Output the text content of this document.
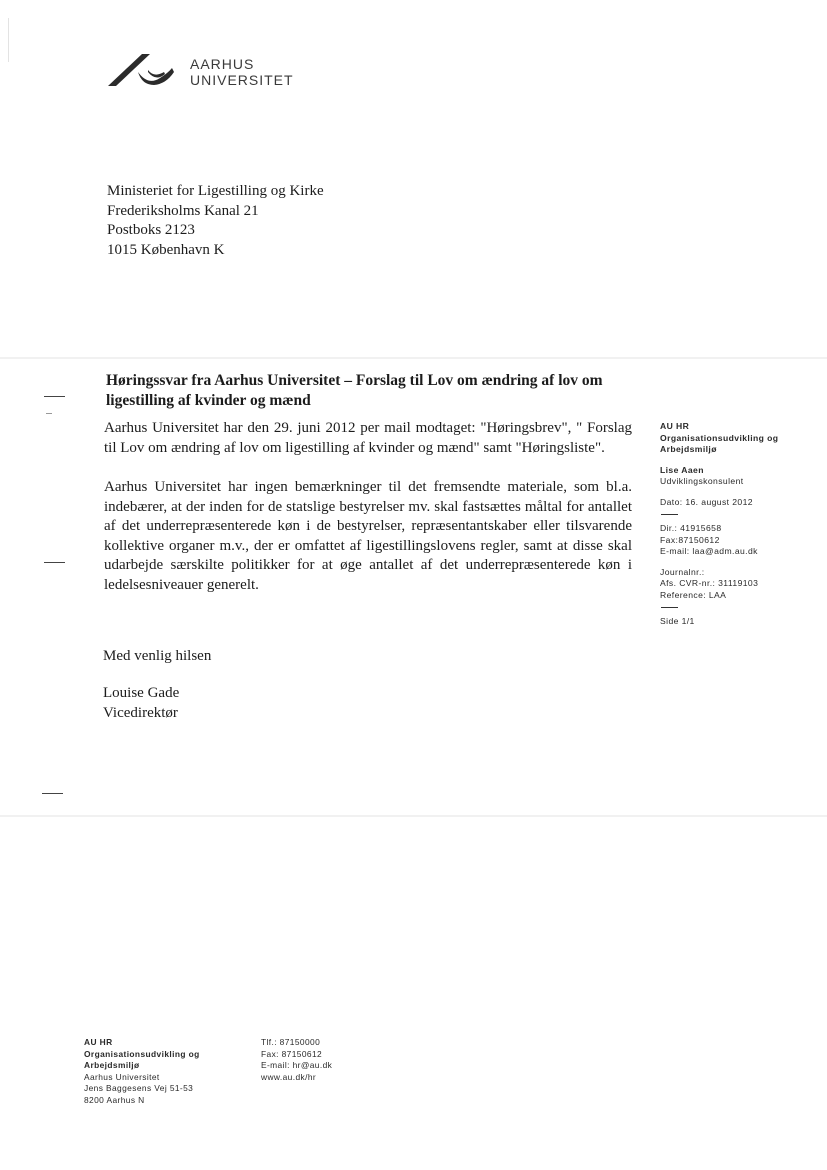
AARHUS
UNIVERSITET
Ministeriet for Ligestilling og Kirke
Frederiksholms Kanal 21
Postboks 2123
1015 København K
Høringssvar fra Aarhus Universitet – Forslag til Lov om ændring af lov om ligestilling af kvinder og mænd

Aarhus Universitet har den 29. juni 2012 per mail modtaget: "Høringsbrev", " Forslag til Lov om ændring af lov om ligestilling af kvinder og mænd" samt "Høringsliste".

Aarhus Universitet har ingen bemærkninger til det fremsendte materiale, som bl.a. indebærer, at der inden for de statslige bestyrelser mv. skal fastsættes måltal for antallet af det underrepræsenterede køn i de bestyrelser, repræsentantskaber eller tilsvarende kollektive organer m.v., der er omfattet af ligestillingslovens regler, samt at disse skal udarbejde særskilte politikker for at øge antallet af det underrepræsenterede køn i ledelsesniveauer generelt.

Med venlig hilsen
Louise Gade
Vicedirektør
AU HR
Organisationsudvikling og
Arbejdsmiljø
Lise Aaen
Udviklingskonsulent
Dato: 16. august 2012
Dir.: 41915658
Fax:87150612
E-mail: laa@adm.au.dk
Journalnr.:
Afs. CVR-nr.: 31119103
Reference: LAA
Side 1/1
AU HR
Organisationsudvikling og
Arbejdsmiljø
Aarhus Universitet
Jens Baggesens Vej 51-53
8200 Aarhus N
Tlf.: 87150000
Fax: 87150612
E-mail: hr@au.dk
www.au.dk/hr
